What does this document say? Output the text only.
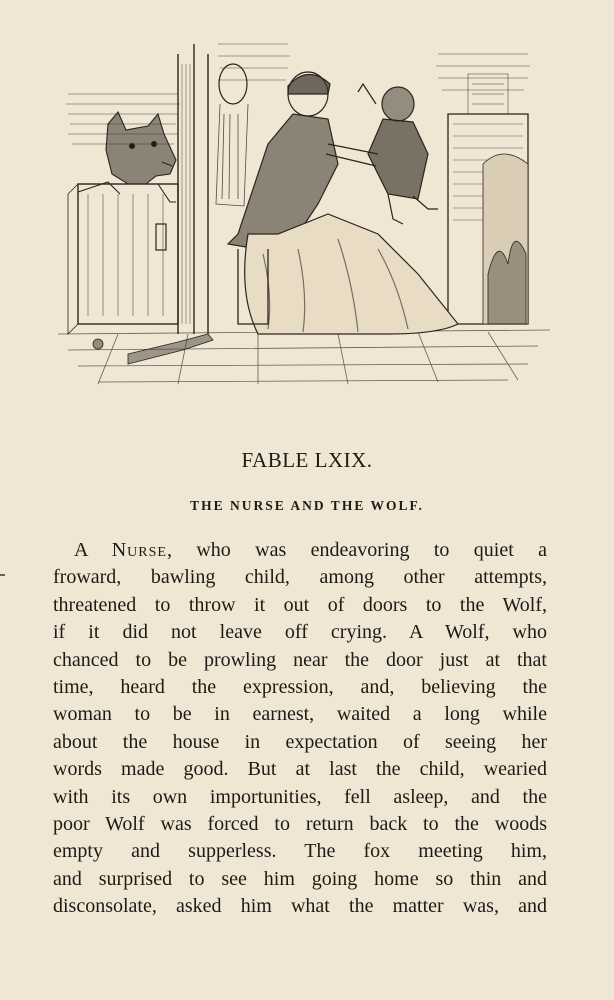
FABLE LXIX.
THE NURSE AND THE WOLF.
A Nurse, who was endeavoring to quiet a
froward, bawling child, among other attempts,
threatened to throw it out of doors to the Wolf,
if it did not leave off crying. A Wolf, who
chanced to be prowling near the door just at that
time, heard the expression, and, believing the
woman to be in earnest, waited a long while
about the house in expectation of seeing her
words made good. But at last the child, wearied
with its own importunities, fell asleep, and the
poor Wolf was forced to return back to the woods
empty and supperless. The fox meeting him,
and surprised to see him going home so thin and
disconsolate, asked him what the matter was, and
